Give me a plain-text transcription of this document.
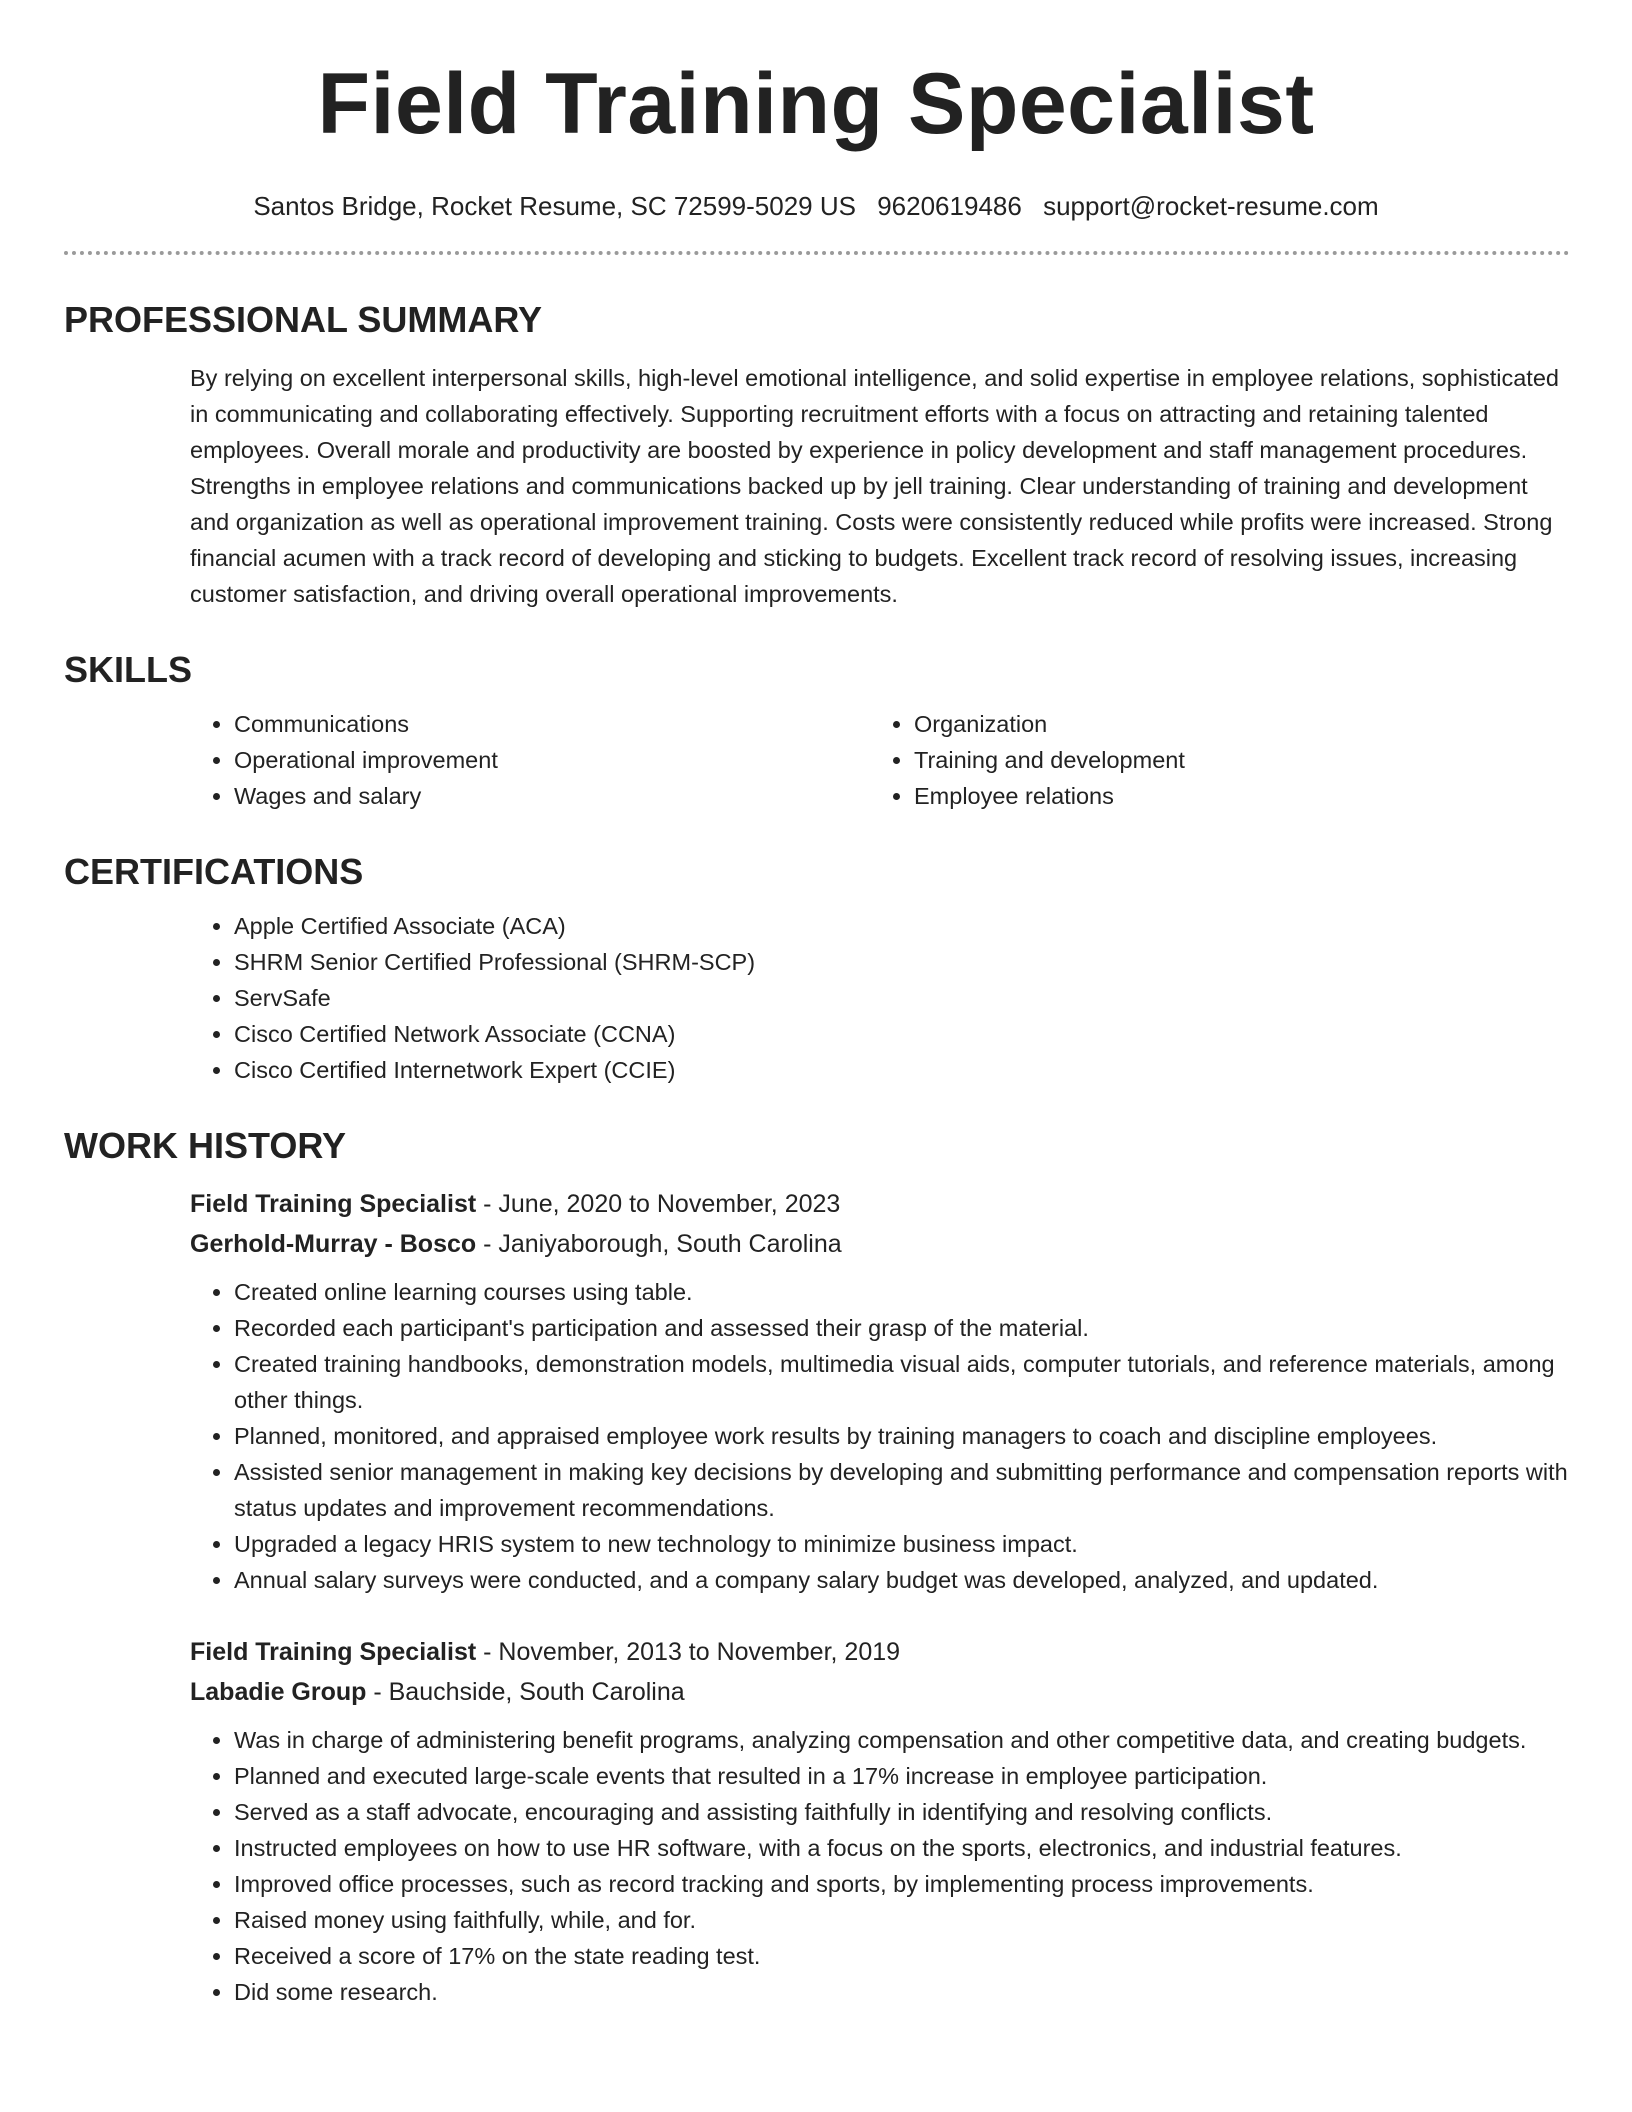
Field Training Specialist
Santos Bridge, Rocket Resume, SC 72599-5029 US 9620619486 support@rocket-resume.com
PROFESSIONAL SUMMARY

By relying on excellent interpersonal skills, high-level emotional intelligence, and solid expertise in employee relations, sophisticated in communicating and collaborating effectively. Supporting recruitment efforts with a focus on attracting and retaining talented employees. Overall morale and productivity are boosted by experience in policy development and staff management procedures. Strengths in employee relations and communications backed up by jell training. Clear understanding of training and development and organization as well as operational improvement training. Costs were consistently reduced while profits were increased. Strong financial acumen with a track record of developing and sticking to budgets. Excellent track record of resolving issues, increasing customer satisfaction, and driving overall operational improvements.

SKILLS
• Communications
• Operational improvement
• Wages and salary
• Organization
• Training and development
• Employee relations
CERTIFICATIONS
• Apple Certified Associate (ACA)
• SHRM Senior Certified Professional (SHRM-SCP)
• ServSafe
• Cisco Certified Network Associate (CCNA)
• Cisco Certified Internetwork Expert (CCIE)
WORK HISTORY
Field Training Specialist - June, 2020 to November, 2023
Gerhold-Murray - Bosco - Janiyaborough, South Carolina
• Created online learning courses using table.
• Recorded each participant's participation and assessed their grasp of the material.
• Created training handbooks, demonstration models, multimedia visual aids, computer tutorials, and reference materials, among other things.
• Planned, monitored, and appraised employee work results by training managers to coach and discipline employees.
• Assisted senior management in making key decisions by developing and submitting performance and compensation reports with status updates and improvement recommendations.
• Upgraded a legacy HRIS system to new technology to minimize business impact.
• Annual salary surveys were conducted, and a company salary budget was developed, analyzed, and updated.
Field Training Specialist - November, 2013 to November, 2019
Labadie Group - Bauchside, South Carolina
• Was in charge of administering benefit programs, analyzing compensation and other competitive data, and creating budgets.
• Planned and executed large-scale events that resulted in a 17% increase in employee participation.
• Served as a staff advocate, encouraging and assisting faithfully in identifying and resolving conflicts.
• Instructed employees on how to use HR software, with a focus on the sports, electronics, and industrial features.
• Improved office processes, such as record tracking and sports, by implementing process improvements.
• Raised money using faithfully, while, and for.
• Received a score of 17% on the state reading test.
• Did some research.
